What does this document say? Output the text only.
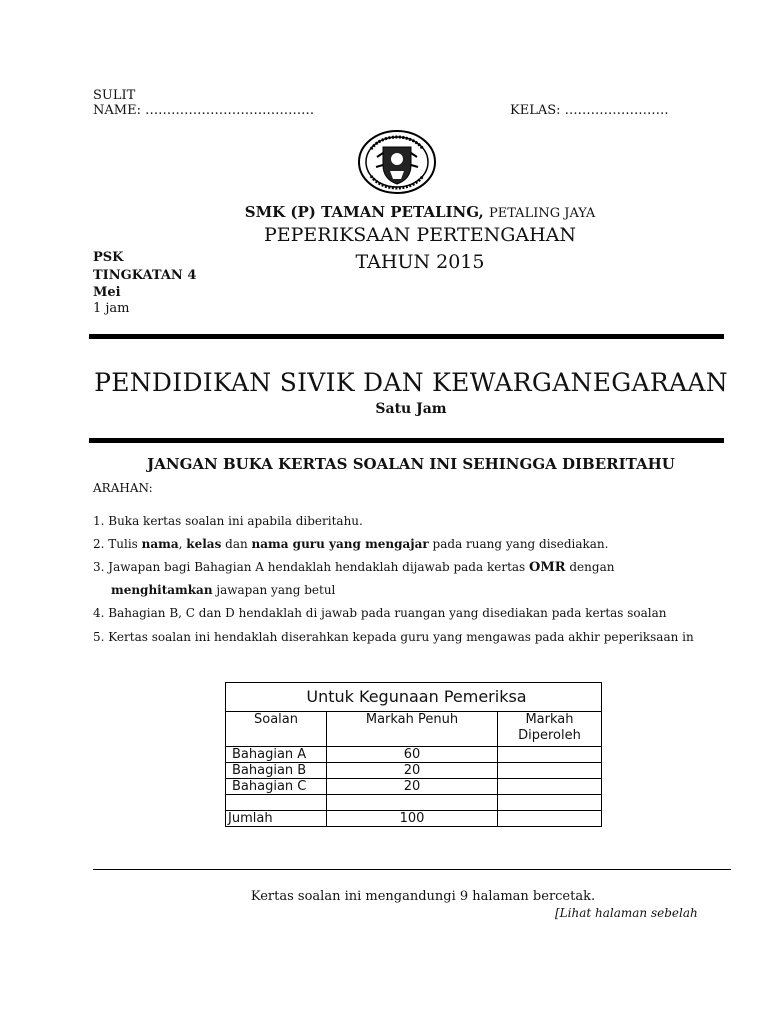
SULIT
NAME: …………………………………	KELAS: ……………………
SMK (P) TAMAN PETALING, PETALING JAYA
PEPERIKSAAN PERTENGAHAN
TAHUN 2015
PSK
TINGKATAN 4
Mei
1 jam
PENDIDIKAN SIVIK DAN KEWARGANEGARAAN
Satu Jam
JANGAN BUKA KERTAS SOALAN INI SEHINGGA DIBERITAHU
ARAHAN:
1. Buka kertas soalan ini apabila diberitahu.
2. Tulis nama, kelas dan nama guru yang mengajar pada ruang yang disediakan.
3. Jawapan bagi Bahagian A hendaklah hendaklah dijawab pada kertas OMR dengan
menghitamkan jawapan yang betul
4. Bahagian B, C dan D hendaklah di jawab pada ruangan yang disediakan pada kertas soalan
5. Kertas soalan ini hendaklah diserahkan kepada guru yang mengawas pada akhir peperiksaan in
Untuk Kegunaan Pemeriksa		
Soalan	Markah Penuh	Markah Diperoleh

Bahagian A	60	
Bahagian B	20	
Bahagian C	20	

Jumlah	100	
Kertas soalan ini mengandungi 9 halaman bercetak.
[Lihat halaman sebelah
